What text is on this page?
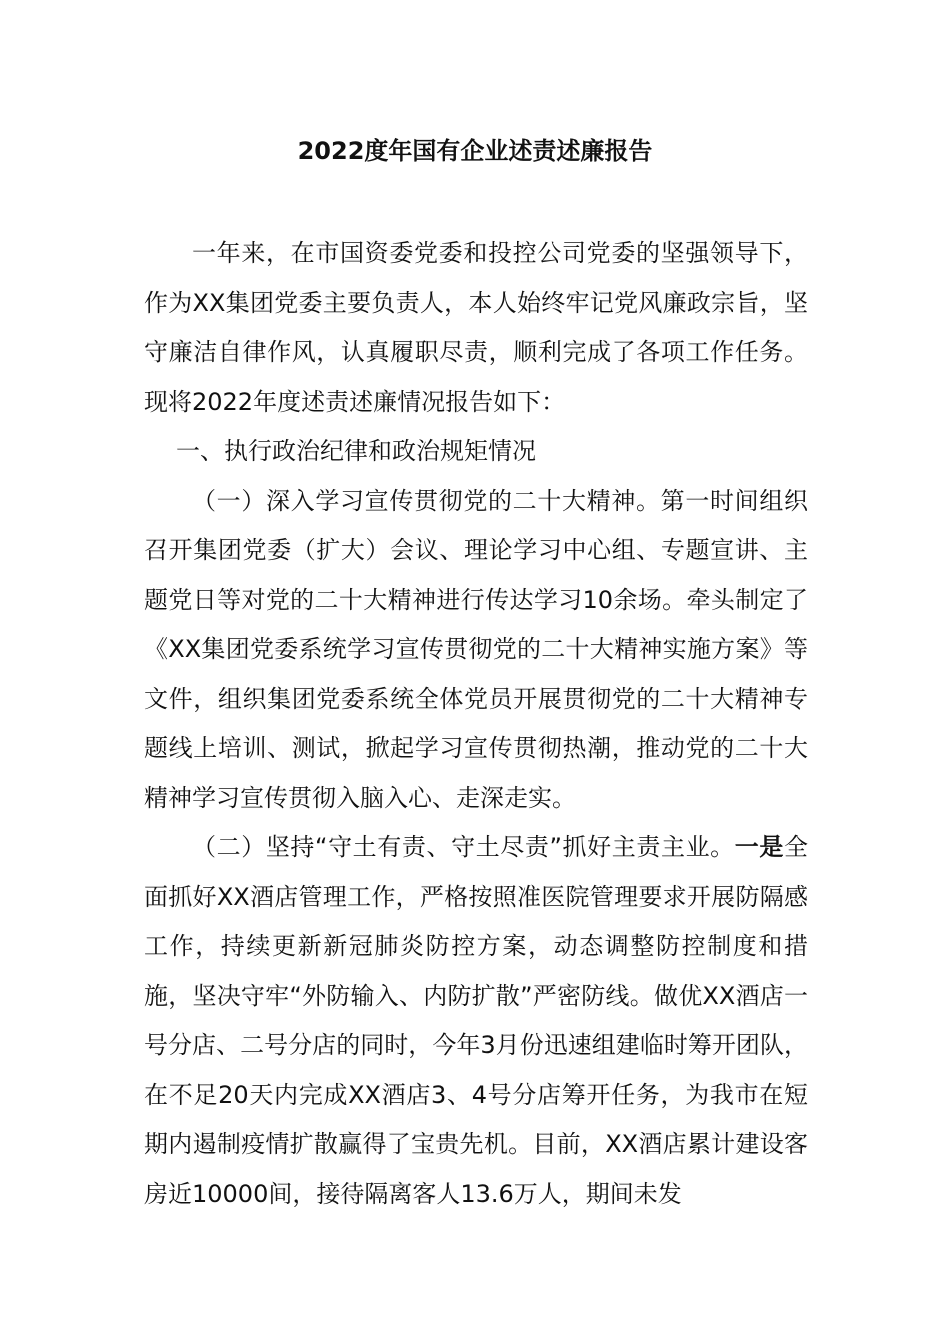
2022度年国有企业述责述廉报告

一年来，在市国资委党委和投控公司党委的坚强领导下，作为XX集团党委主要负责人，本人始终牢记党风廉政宗旨，坚守廉洁自律作风，认真履职尽责，顺利完成了各项工作任务。现将2022年度述责述廉情况报告如下：

一、执行政治纪律和政治规矩情况

（一）深入学习宣传贯彻党的二十大精神。第一时间组织召开集团党委（扩大）会议、理论学习中心组、专题宣讲、主题党日等对党的二十大精神进行传达学习10余场。牵头制定了《XX集团党委系统学习宣传贯彻党的二十大精神实施方案》等文件，组织集团党委系统全体党员开展贯彻党的二十大精神专题线上培训、测试，掀起学习宣传贯彻热潮，推动党的二十大精神学习宣传贯彻入脑入心、走深走实。

（二）坚持“守土有责、守土尽责”抓好主责主业。一是全面抓好XX酒店管理工作，严格按照准医院管理要求开展防隔感工作，持续更新新冠肺炎防控方案，动态调整防控制度和措施，坚决守牢“外防输入、内防扩散”严密防线。做优XX酒店一号分店、二号分店的同时，今年3月份迅速组建临时筹开团队，在不足20天内完成XX酒店3、4号分店筹开任务，为我市在短期内遏制疫情扩散赢得了宝贵先机。目前，XX酒店累计建设客房近10000间，接待隔离客人13.6万人，期间未发
